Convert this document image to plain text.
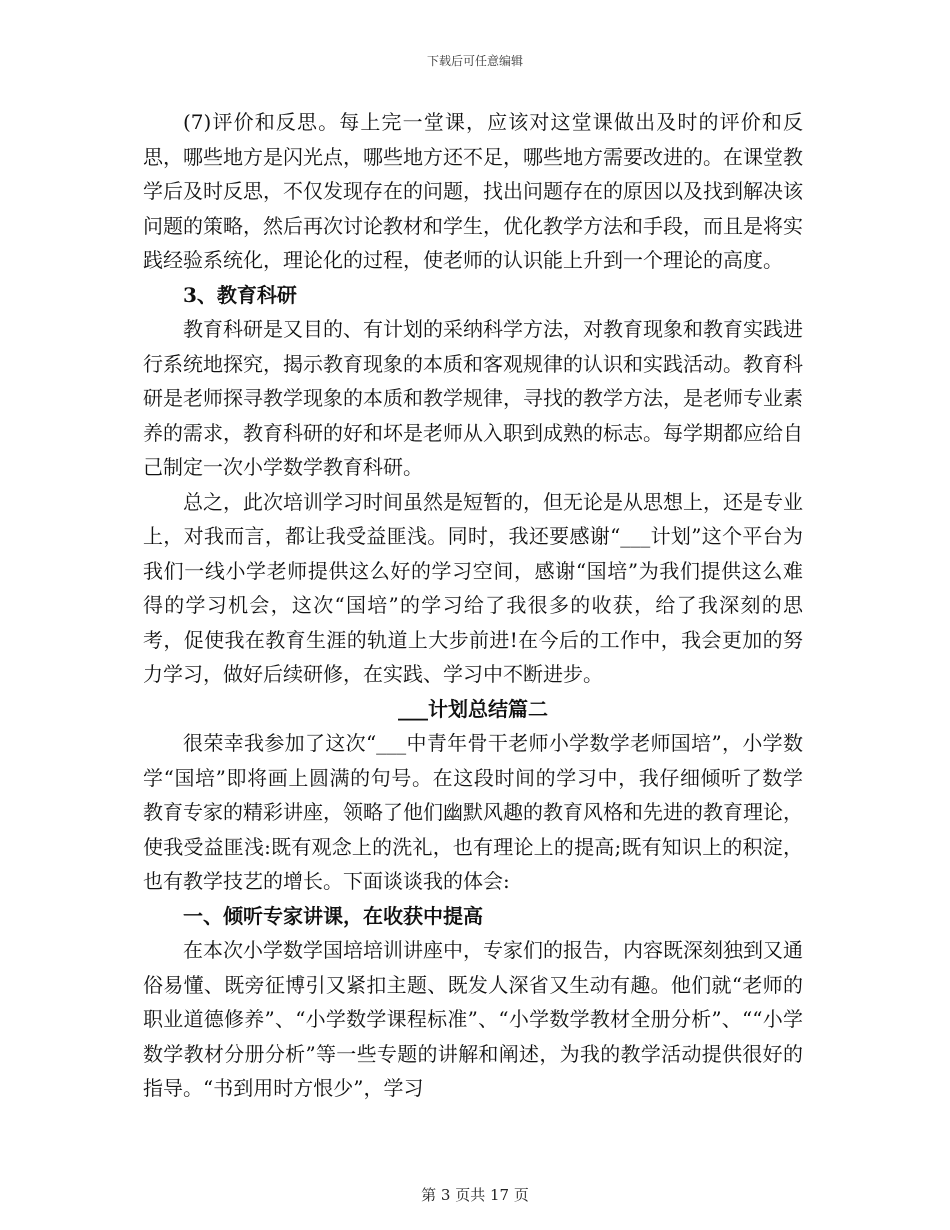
下载后可任意编辑

(7)评价和反思。每上完一堂课，应该对这堂课做出及时的评价和反思，哪些地方是闪光点，哪些地方还不足，哪些地方需要改进的。在课堂教学后及时反思，不仅发现存在的问题，找出问题存在的原因以及找到解决该问题的策略，然后再次讨论教材和学生，优化教学方法和手段，而且是将实践经验系统化，理论化的过程，使老师的认识能上升到一个理论的高度。

3、教育科研

教育科研是又目的、有计划的采纳科学方法，对教育现象和教育实践进行系统地探究，揭示教育现象的本质和客观规律的认识和实践活动。教育科研是老师探寻教学现象的本质和教学规律，寻找的教学方法，是老师专业素养的需求，教育科研的好和坏是老师从入职到成熟的标志。每学期都应给自己制定一次小学数学教育科研。

总之，此次培训学习时间虽然是短暂的，但无论是从思想上，还是专业上，对我而言，都让我受益匪浅。同时，我还要感谢“___计划”这个平台为我们一线小学老师提供这么好的学习空间，感谢“国培”为我们提供这么难得的学习机会，这次“国培”的学习给了我很多的收获，给了我深刻的思考，促使我在教育生涯的轨道上大步前进!在今后的工作中，我会更加的努力学习，做好后续研修，在实践、学习中不断进步。

___计划总结篇二

很荣幸我参加了这次“___中青年骨干老师小学数学老师国培”，小学数学“国培”即将画上圆满的句号。在这段时间的学习中，我仔细倾听了数学教育专家的精彩讲座，领略了他们幽默风趣的教育风格和先进的教育理论，使我受益匪浅:既有观念上的洗礼，也有理论上的提高;既有知识上的积淀，也有教学技艺的增长。下面谈谈我的体会:

一、倾听专家讲课，在收获中提高

在本次小学数学国培培训讲座中，专家们的报告，内容既深刻独到又通俗易懂、既旁征博引又紧扣主题、既发人深省又生动有趣。他们就“老师的职业道德修养”、“小学数学课程标准”、“小学数学教材全册分析”、““小学数学教材分册分析”等一些专题的讲解和阐述，为我的教学活动提供很好的指导。“书到用时方恨少”，学习

第 3 页共 17 页
